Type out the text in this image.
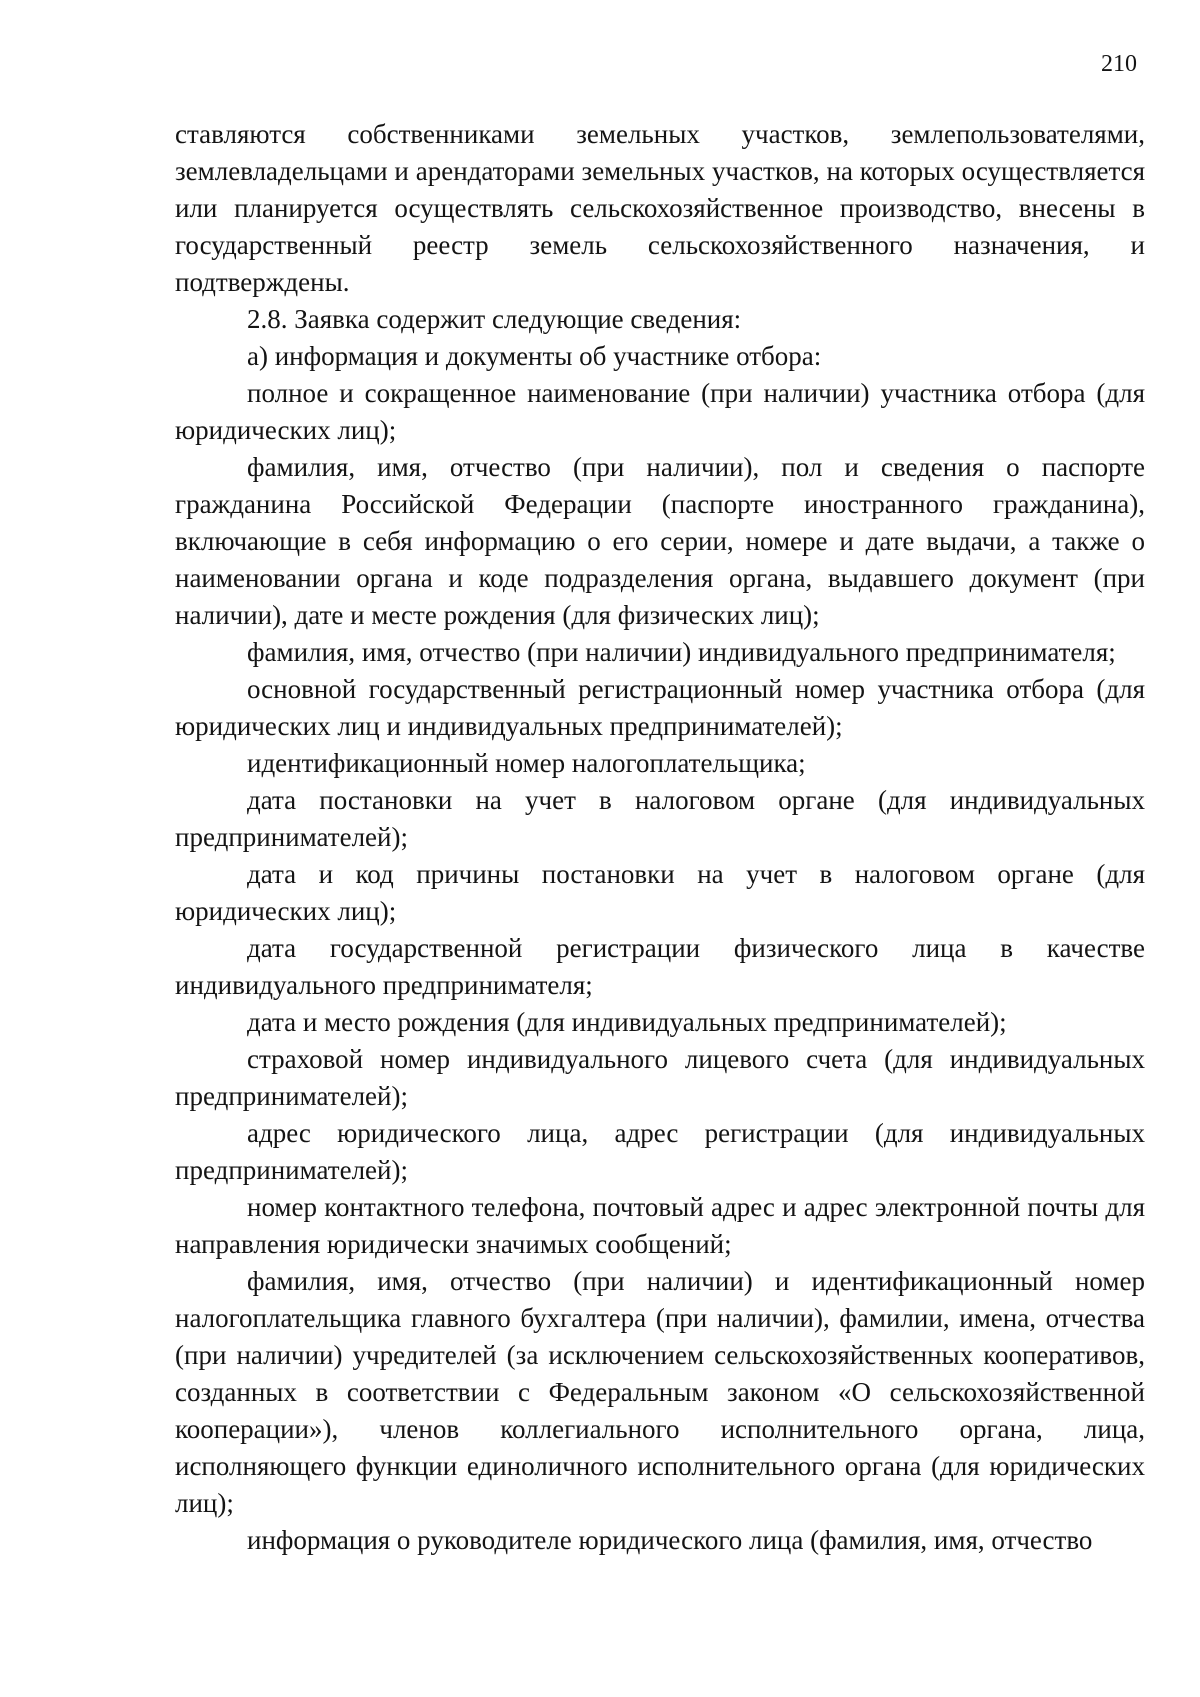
210

ставляются собственниками земельных участков, землепользователями, землевладельцами и арендаторами земельных участков, на которых осуществляется или планируется осуществлять сельскохозяйственное производство, внесены в государственный реестр земель сельскохозяйственного назначения, и подтверждены.

2.8. Заявка содержит следующие сведения:

а) информация и документы об участнике отбора:

полное и сокращенное наименование (при наличии) участника отбора (для юридических лиц);

фамилия, имя, отчество (при наличии), пол и сведения о паспорте гражданина Российской Федерации (паспорте иностранного гражданина), включающие в себя информацию о его серии, номере и дате выдачи, а также о наименовании органа и коде подразделения органа, выдавшего документ (при наличии), дате и месте рождения (для физических лиц);

фамилия, имя, отчество (при наличии) индивидуального предпринимателя;

основной государственный регистрационный номер участника отбора (для юридических лиц и индивидуальных предпринимателей);

идентификационный номер налогоплательщика;

дата постановки на учет в налоговом органе (для индивидуальных предпринимателей);

дата и код причины постановки на учет в налоговом органе (для юридических лиц);

дата государственной регистрации физического лица в качестве индивидуального предпринимателя;

дата и место рождения (для индивидуальных предпринимателей);

страховой номер индивидуального лицевого счета (для индивидуальных предпринимателей);

адрес юридического лица, адрес регистрации (для индивидуальных предпринимателей);

номер контактного телефона, почтовый адрес и адрес электронной почты для направления юридически значимых сообщений;

фамилия, имя, отчество (при наличии) и идентификационный номер налогоплательщика главного бухгалтера (при наличии), фамилии, имена, отчества (при наличии) учредителей (за исключением сельскохозяйственных кооперативов, созданных в соответствии с Федеральным законом «О сельскохозяйственной кооперации»), членов коллегиального исполнительного органа, лица, исполняющего функции единоличного исполнительного органа (для юридических лиц);

информация о руководителе юридического лица (фамилия, имя, отчество
